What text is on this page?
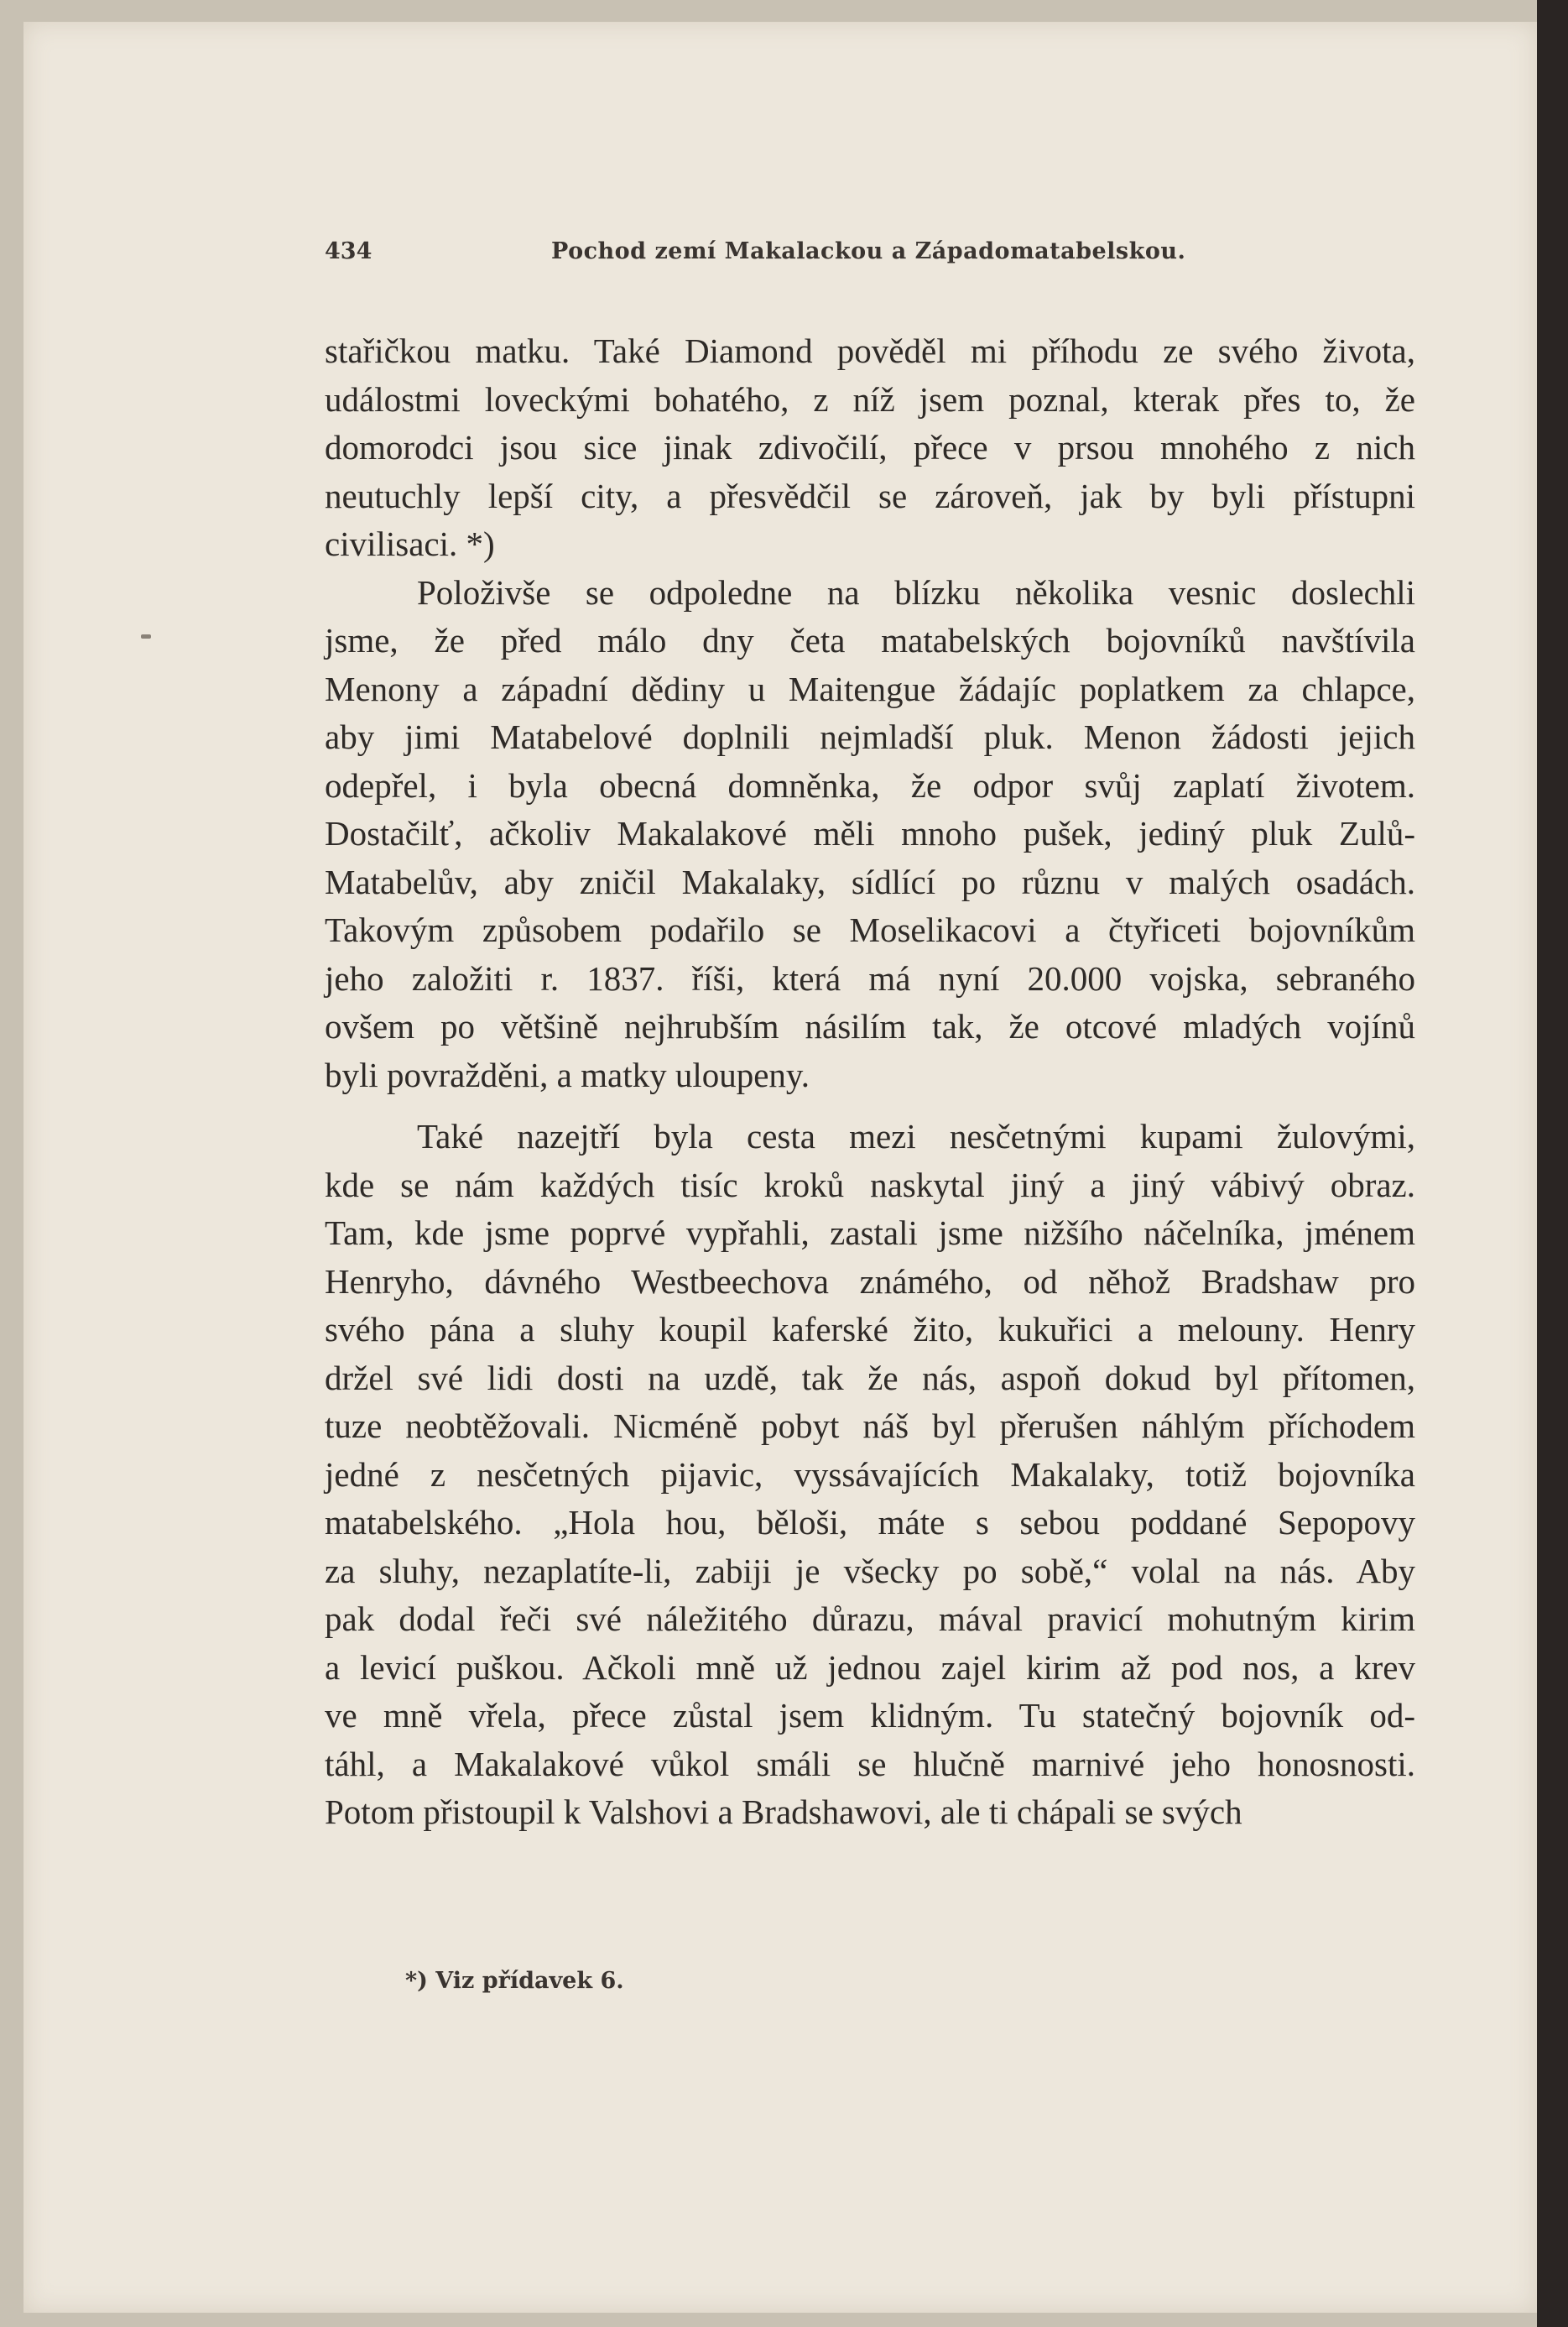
434	Pochod zemí Makalackou a Západomatabelskou.

stařičkou matku. Také Diamond pověděl mi příhodu ze svého života,
událostmi loveckými bohatého, z níž jsem poznal, kterak přes to, že
domorodci jsou sice jinak zdivočilí, přece v prsou mnohého z nich
neutuchly lepší city, a přesvědčil se zároveň, jak by byli přístupni
civilisaci. *)

Položivše se odpoledne na blízku několika vesnic doslechli
jsme, že před málo dny četa matabelských bojovníků navštívila
Menony a západní dědiny u Maitengue žádajíc poplatkem za chlapce,
aby jimi Matabelové doplnili nejmladší pluk. Menon žádosti jejich
odepřel, i byla obecná domněnka, že odpor svůj zaplatí životem.
Dostačilť, ačkoliv Makalakové měli mnoho pušek, jediný pluk Zulů-
Matabelův, aby zničil Makalaky, sídlící po různu v malých osadách.
Takovým způsobem podařilo se Moselikacovi a čtyřiceti bojovníkům
jeho založiti r. 1837. říši, která má nyní 20.000 vojska, sebraného
ovšem po většině nejhrubším násilím tak, že otcové mladých vojínů
byli povražděni, a matky uloupeny.

Také nazejtří byla cesta mezi nesčetnými kupami žulovými,
kde se nám každých tisíc kroků naskytal jiný a jiný vábivý obraz.
Tam, kde jsme poprvé vypřahli, zastali jsme nižšího náčelníka, jménem
Henryho, dávného Westbeechova známého, od něhož Bradshaw pro
svého pána a sluhy koupil kaferské žito, kukuřici a melouny. Henry
držel své lidi dosti na uzdě, tak že nás, aspoň dokud byl přítomen,
tuze neobtěžovali. Nicméně pobyt náš byl přerušen náhlým příchodem
jedné z nesčetných pijavic, vyssávajících Makalaky, totiž bojovníka
matabelského. „Hola hou, běloši, máte s sebou poddané Sepopovy
za sluhy, nezaplatíte-li, zabiji je všecky po sobě,“ volal na nás. Aby
pak dodal řeči své náležitého důrazu, mával pravicí mohutným kirim
a levicí puškou. Ačkoli mně už jednou zajel kirim až pod nos, a krev
ve mně vřela, přece zůstal jsem klidným. Tu statečný bojovník od-
táhl, a Makalakové vůkol smáli se hlučně marnivé jeho honosnosti.
Potom přistoupil k Valshovi a Bradshawovi, ale ti chápali se svých

*) Viz přídavek 6.
